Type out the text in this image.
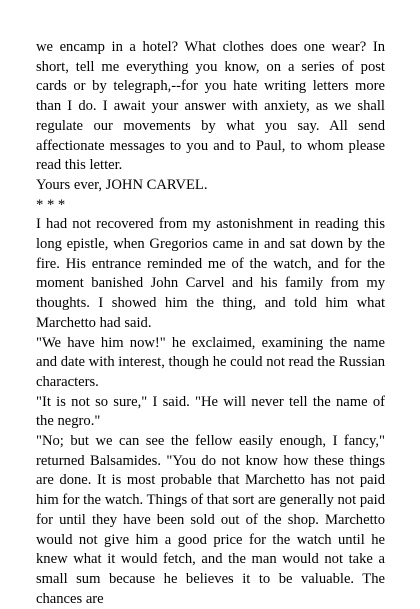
we encamp in a hotel? What clothes does one wear? In short, tell me everything you know, on a series of post cards or by telegraph,--for you hate writing letters more than I do. I await your answer with anxiety, as we shall regulate our movements by what you say. All send affectionate messages to you and to Paul, to whom please read this letter.

Yours ever, JOHN CARVEL.

* * *

I had not recovered from my astonishment in reading this long epistle, when Gregorios came in and sat down by the fire. His entrance reminded me of the watch, and for the moment banished John Carvel and his family from my thoughts. I showed him the thing, and told him what Marchetto had said.

"We have him now!" he exclaimed, examining the name and date with interest, though he could not read the Russian characters.

"It is not so sure," I said. "He will never tell the name of the negro."

"No; but we can see the fellow easily enough, I fancy," returned Balsamides. "You do not know how these things are done. It is most probable that Marchetto has not paid him for the watch. Things of that sort are generally not paid for until they have been sold out of the shop. Marchetto would not give him a good price for the watch until he knew what it would fetch, and the man would not take a small sum because he believes it to be valuable. The chances are
